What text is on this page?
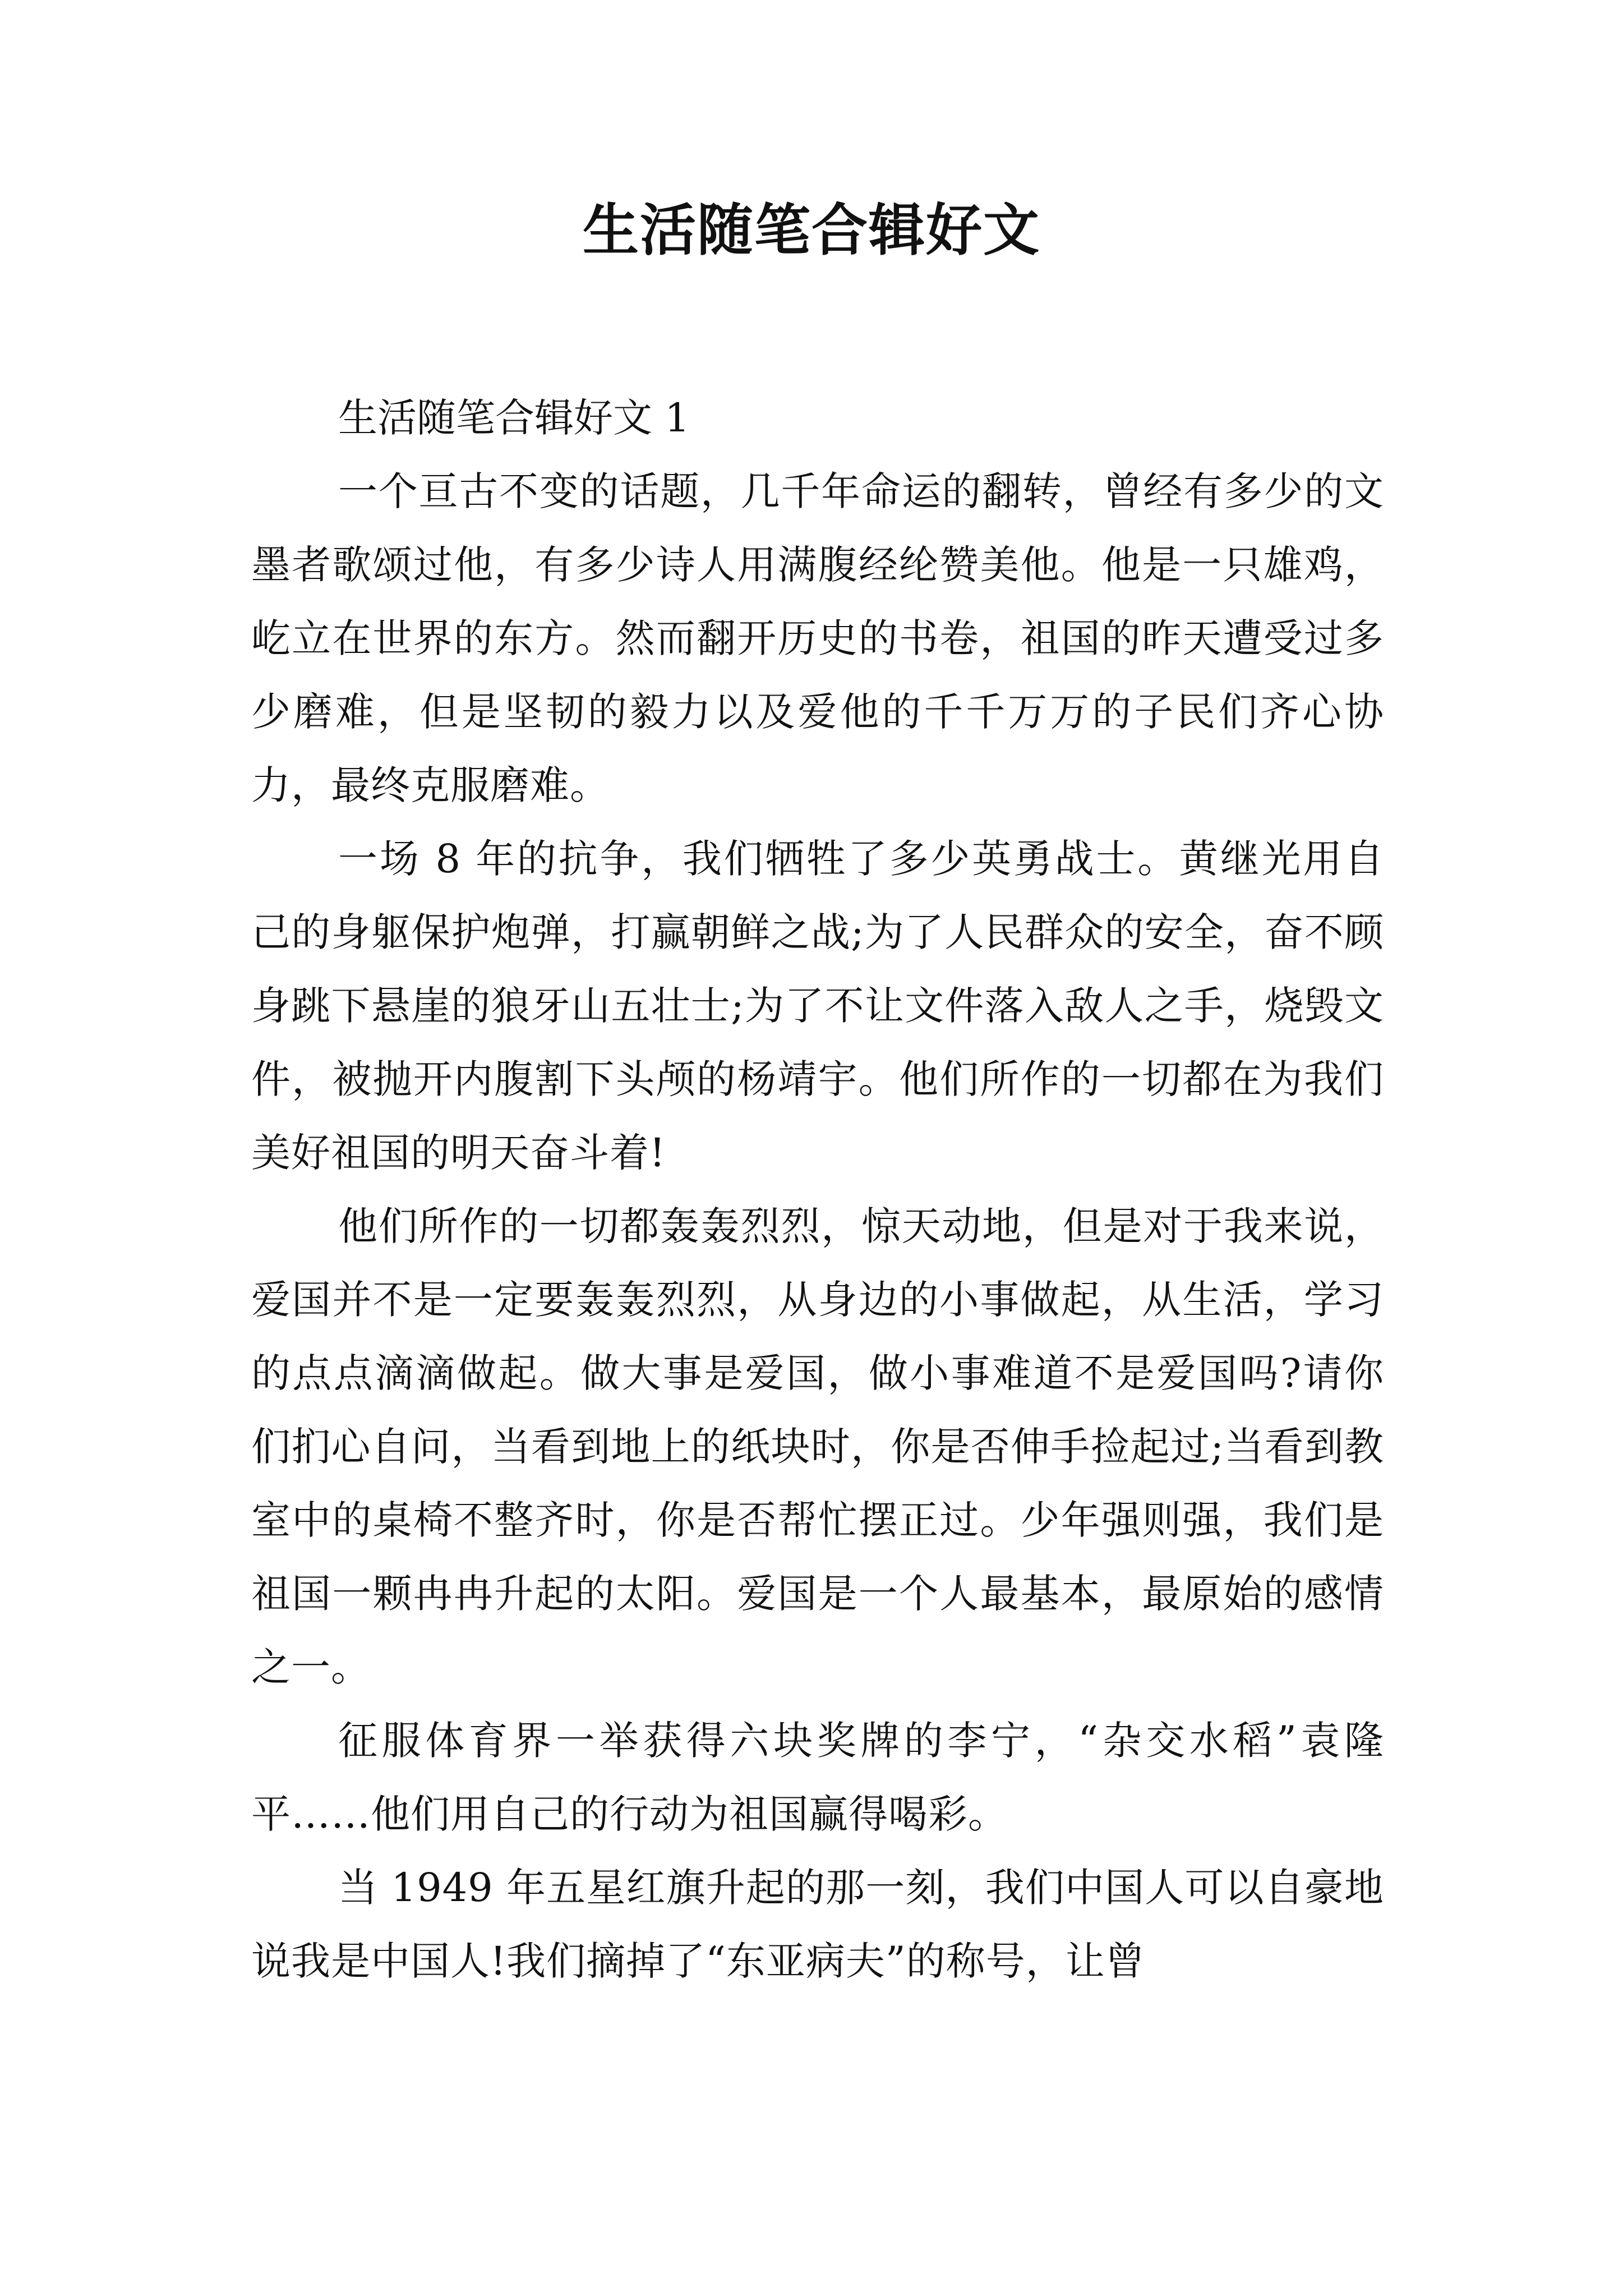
生活随笔合辑好文

生活随笔合辑好文 1

一个亘古不变的话题，几千年命运的翻转，曾经有多少的文墨者歌颂过他，有多少诗人用满腹经纶赞美他。他是一只雄鸡，屹立在世界的东方。然而翻开历史的书卷，祖国的昨天遭受过多少磨难，但是坚韧的毅力以及爱他的千千万万的子民们齐心协力，最终克服磨难。

一场 8 年的抗争，我们牺牲了多少英勇战士。黄继光用自己的身躯保护炮弹，打赢朝鲜之战;为了人民群众的安全，奋不顾身跳下悬崖的狼牙山五壮士;为了不让文件落入敌人之手，烧毁文件，被抛开内腹割下头颅的杨靖宇。他们所作的一切都在为我们美好祖国的明天奋斗着!

他们所作的一切都轰轰烈烈，惊天动地，但是对于我来说，爱国并不是一定要轰轰烈烈，从身边的小事做起，从生活，学习的点点滴滴做起。做大事是爱国，做小事难道不是爱国吗?请你们扪心自问，当看到地上的纸块时，你是否伸手捡起过;当看到教室中的桌椅不整齐时，你是否帮忙摆正过。少年强则强，我们是祖国一颗冉冉升起的太阳。爱国是一个人最基本，最原始的感情之一。

征服体育界一举获得六块奖牌的李宁，“杂交水稻”袁隆平……他们用自己的行动为祖国赢得喝彩。

当 1949 年五星红旗升起的那一刻，我们中国人可以自豪地说我是中国人!我们摘掉了“东亚病夫”的称号，让曾
